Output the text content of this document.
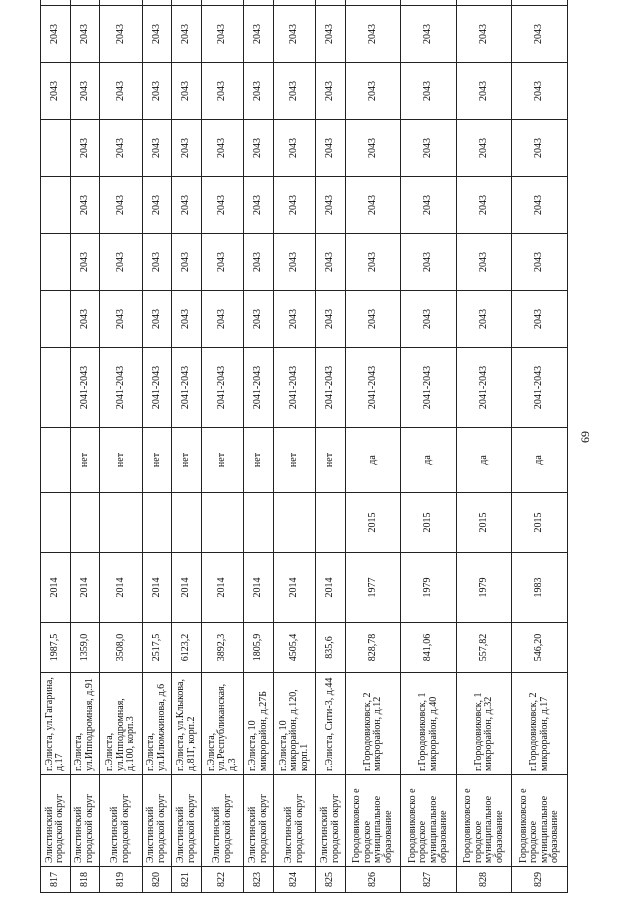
817	Элистинский городской округ	г.Элиста, ул.Гагарина, д.17	1987,5	2014								2043	2043	
818	Элистинский городской округ	г.Элиста, ул.Ипподромная, д.91	1359,0	2014		нет	2041-2043	2043	2043	2043	2043	2043	2043	
819	Элистинский городской округ	г.Элиста, ул.Ипподромная, д.100, корп.3	3508,0	2014		нет	2041-2043	2043	2043	2043	2043	2043	2043	
820	Элистинский городской округ	г.Элиста, ул.Илюмжинова, д.6	2517,5	2014		нет	2041-2043	2043	2043	2043	2043	2043	2043	
821	Элистинский городской округ	г.Элиста, ул.Клыкова, д.81Г, корп.2	6123,2	2014		нет	2041-2043	2043	2043	2043	2043	2043	2043	
822	Элистинский городской округ	г.Элиста, ул.Республиканская, д.3	3892,3	2014		нет	2041-2043	2043	2043	2043	2043	2043	2043	
823	Элистинский городской округ	г.Элиста, 10 микрорайон, д.27Б	1805,9	2014		нет	2041-2043	2043	2043	2043	2043	2043	2043	
824	Элистинский городской округ	г.Элиста, 10 микрорайон, д.120, корп.1	4505,4	2014		нет	2041-2043	2043	2043	2043	2043	2043	2043	
825	Элистинский городской округ	г.Элиста, Сити-3, д.44	835,6	2014		нет	2041-2043	2043	2043	2043	2043	2043	2043	
826	Городовиковско е городское муниципальное образование	г.Городовиковск, 2 микрорайон, д.12	828,78	1977	2015	да	2041-2043	2043	2043	2043	2043	2043	2043	
827	Городовиковско е городское муниципальное образование	г.Городовиковск, 1 микрорайон, д.40	841,06	1979	2015	да	2041-2043	2043	2043	2043	2043	2043	2043	
828	Городовиковско е городское муниципальное образование	г.Городовиковск, 1 микрорайон, д.32	557,82	1979	2015	да	2041-2043	2043	2043	2043	2043	2043	2043	
829	Городовиковско е городское муниципальное образование	г.Городовиковск, 2 микрорайон, д.17	546,20	1983	2015	да	2041-2043	2043	2043	2043	2043	2043	2043	
69
